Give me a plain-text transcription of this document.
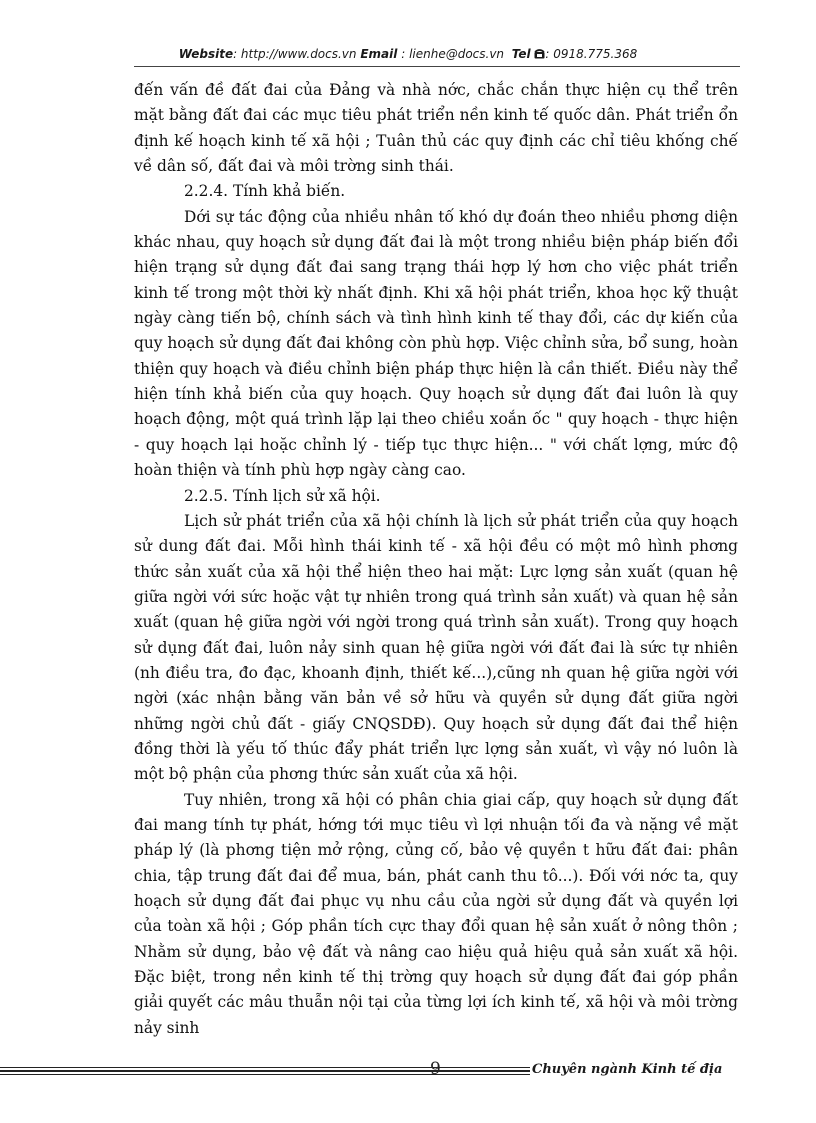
Website: http://www.docs.vn Email : lienhe@docs.vn Tel : 0918.775.368

đến vấn đề đất đai của Đảng và nhà nớc, chắc chắn thực hiện cụ thể trên mặt bằng đất đai các mục tiêu phát triển nền kinh tế quốc dân. Phát triển ổn định kế hoạch kinh tế xã hội ; Tuân thủ các quy định các chỉ tiêu khống chế về dân số, đất đai và môi trờng sinh thái.

2.2.4. Tính khả biến.

Dới sự tác động của nhiều nhân tố khó dự đoán theo nhiều phơng diện khác nhau, quy hoạch sử dụng đất đai là một trong nhiều biện pháp biến đổi hiện trạng sử dụng đất đai sang trạng thái hợp lý hơn cho việc phát triển kinh tế trong một thời kỳ nhất định. Khi xã hội phát triển, khoa học kỹ thuật ngày càng tiến bộ, chính sách và tình hình kinh tế thay đổi, các dự kiến của quy hoạch sử dụng đất đai không còn phù hợp. Việc chỉnh sửa, bổ sung, hoàn thiện quy hoạch và điều chỉnh biện pháp thực hiện là cần thiết. Điều này thể hiện tính khả biến của quy hoạch. Quy hoạch sử dụng đất đai luôn là quy hoạch động, một quá trình lặp lại theo chiều xoắn ốc " quy hoạch - thực hiện - quy hoạch lại hoặc chỉnh lý - tiếp tục thực hiện... " với chất lợng, mức độ hoàn thiện và tính phù hợp ngày càng cao.

2.2.5. Tính lịch sử xã hội.

Lịch sử phát triển của xã hội chính là lịch sử phát triển của quy hoạch sử dung đất đai. Mỗi hình thái kinh tế - xã hội đều có một mô hình phơng thức sản xuất của xã hội thể hiện theo hai mặt: Lực lợng sản xuất (quan hệ giữa ngời với sức hoặc vật tự nhiên trong quá trình sản xuất) và quan hệ sản xuất (quan hệ giữa ngời với ngời trong quá trình sản xuất). Trong quy hoạch sử dụng đất đai, luôn nảy sinh quan hệ giữa ngời với đất đai là sức tự nhiên (nh điều tra, đo đạc, khoanh định, thiết kế...),cũng nh quan hệ giữa ngời với ngời (xác nhận bằng văn bản về sở hữu và quyền sử dụng đất giữa ngời những ngời chủ đất - giấy CNQSDĐ). Quy hoạch sử dụng đất đai thể hiện đồng thời là yếu tố thúc đẩy phát triển lực lợng sản xuất, vì vậy nó luôn là một bộ phận của phơng thức sản xuất của xã hội.

Tuy nhiên, trong xã hội có phân chia giai cấp, quy hoạch sử dụng đất đai mang tính tự phát, hớng tới mục tiêu vì lợi nhuận tối đa và nặng về mặt pháp lý (là phơng tiện mở rộng, củng cố, bảo vệ quyền t hữu đất đai: phân chia, tập trung đất đai để mua, bán, phát canh thu tô...). Đối với nớc ta, quy hoạch sử dụng đất đai phục vụ nhu cầu của ngời sử dụng đất và quyền lợi của toàn xã hội ; Góp phần tích cực thay đổi quan hệ sản xuất ở nông thôn ; Nhằm sử dụng, bảo vệ đất và nâng cao hiệu quả hiệu quả sản xuất xã hội. Đặc biệt, trong nền kinh tế thị trờng quy hoạch sử dụng đất đai góp phần giải quyết các mâu thuẫn nội tại của từng lợi ích kinh tế, xã hội và môi trờng nảy sinh

9	Chuyên ngành Kinh tế địa
